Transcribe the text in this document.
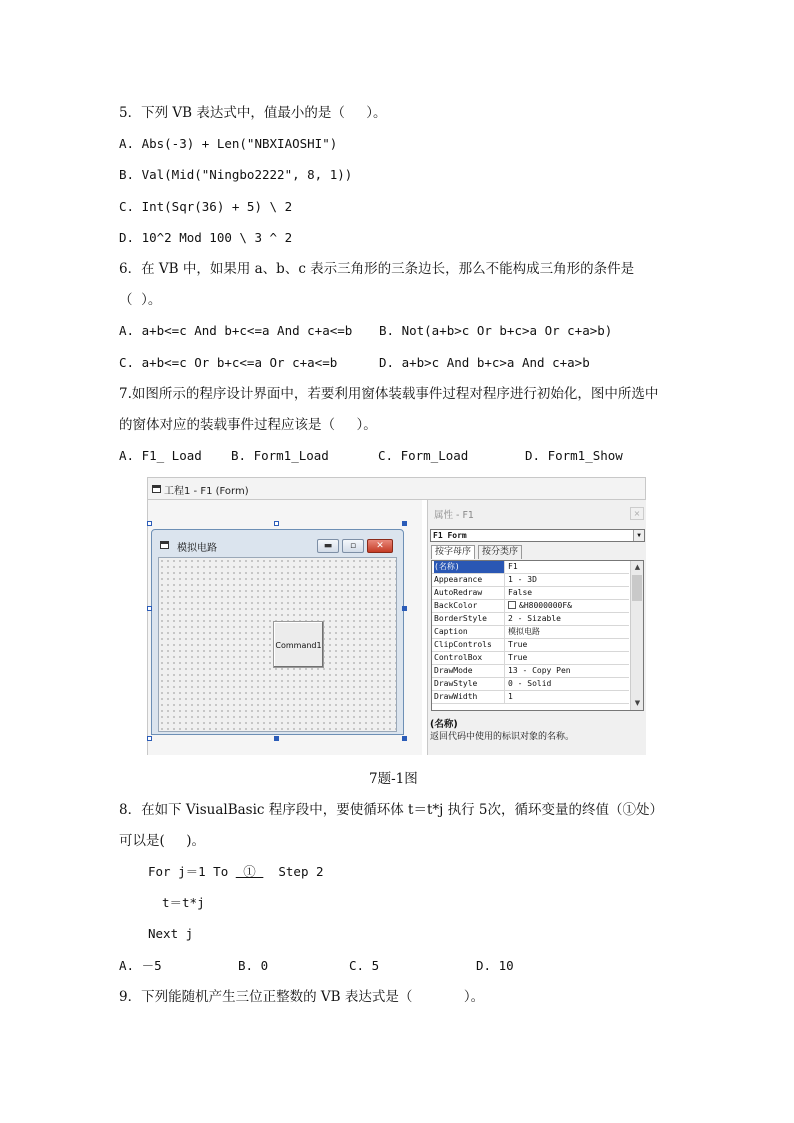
5．下列 VB 表达式中，值最小的是（     ）。
A. Abs(-3) + Len("NBXIAOSHI")
B. Val(Mid("Ningbo2222", 8, 1))
C. Int(Sqr(36) + 5) \ 2
D. 10^2 Mod 100 \ 3 ^ 2
6．在 VB 中，如果用 a、b、c 表示三角形的三条边长，那么不能构成三角形的条件是
（  ）。

A. a+b<=c And b+c<=a And c+a<=b

B. Not(a+b>c Or b+c>a Or c+a>b)

C. a+b<=c Or b+c<=a Or c+a<=b

	D. a+b>c And b+c>a And c+a>b

7.如图所示的程序设计界面中，若要利用窗体装载事件过程对程序进行初始化，图中所选中
的窗体对应的装载事件过程应该是（     ）。

A. F1_ Load

B. Form1_Load

	C. Form_Load

	D. Form1_Show

工程1 - F1 (Form)
模拟电路	▬	▫	✕
Command1
属性 - F1	×
F1 Form	▼
按字母序	按分类序
(名称)	F1
Appearance	1 - 3D
AutoRedraw	False
BackColor	&H8000000F&
BorderStyle	2 - Sizable
Caption	模拟电路
ClipControls	True
ControlBox	True
DrawMode	13 - Copy Pen
DrawStyle	0 - Solid
DrawWidth	1
▲
▼
(名称)
返回代码中使用的标识对象的名称。
7题-1图
8．在如下 VisualBasic 程序段中，要使循环体 t＝t*j 执行 5次，循环变量的终值（①处）
可以是(     )。
For j＝1 To  ①   Step 2
t＝t*j
Next j

A. －5

	B. 0

	C. 5

	D. 10

9．下列能随机产生三位正整数的 VB 表达式是（            ）。
